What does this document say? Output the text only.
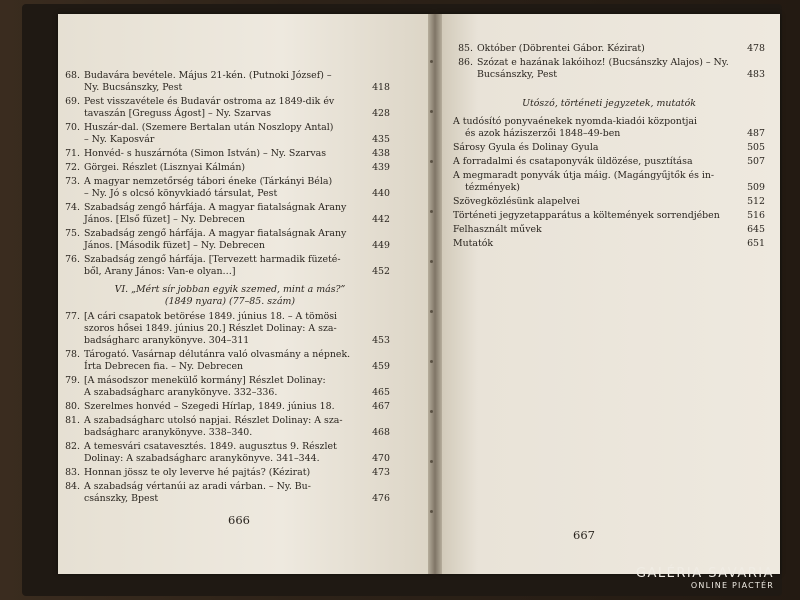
68. Budavára bevétele. Május 21-kén. (Putnoki József) –
Ny. Bucsánszky, Pest	418
69. Pest visszavétele és Budavár ostroma az 1849-dik év
tavaszán [Greguss Ágost] – Ny. Szarvas	428
70. Huszár-dal. (Szemere Bertalan után Noszlopy Antal)
– Ny. Kaposvár	435
71. Honvéd- s huszárnóta (Simon István) – Ny. Szarvas	438
72. Görgei. Részlet (Lisznyai Kálmán)	439
73. A magyar nemzetőrség tábori éneke (Tárkányi Béla)
– Ny. Jó s olcsó könyvkiadó társulat, Pest	440
74. Szabadság zengő hárfája. A magyar fiatalságnak Arany
János. [Első füzet] – Ny. Debrecen	442
75. Szabadság zengő hárfája. A magyar fiatalságnak Arany
János. [Második füzet] – Ny. Debrecen	449
76. Szabadság zengő hárfája. [Tervezett harmadik füzeté-
ből, Arany János: Van-e olyan…]	452
VI. „Mért sír jobban egyik szemed, mint a más?”
(1849 nyara) (77–85. szám)
77. [A cári csapatok betörése 1849. június 18. – A tömösi
szoros hősei 1849. június 20.] Részlet Dolinay: A sza-
badságharc aranykönyve. 304–311	453
78. Tárogató. Vasárnap délutánra való olvasmány a népnek.
Írta Debrecen fia. – Ny. Debrecen	459
79. [A másodszor menekülő kormány] Részlet Dolinay:
A szabadságharc aranykönyve. 332–336.	465
80. Szerelmes honvéd – Szegedi Hírlap, 1849. június 18.	467
81. A szabadságharc utolsó napjai. Részlet Dolinay: A sza-
badságharc aranykönyve. 338–340.	468
82. A temesvári csatavesztés. 1849. augusztus 9. Részlet
Dolinay: A szabadságharc aranykönyve. 341–344.	470
83. Honnan jössz te oly leverve hé pajtás? (Kézirat)	473
84. A szabadság vértanúi az aradi várban. – Ny. Bu-
csánszky, Bpest	476
666
85. Október (Döbrentei Gábor. Kézirat)	478
86. Szózat e hazának lakóihoz! (Bucsánszky Alajos) – Ny.
Bucsánszky, Pest	483
Utószó, történeti jegyzetek, mutatók
A tudósító ponyvaénekek nyomda-kiadói központjai
és azok háziszerzői 1848–49-ben	487
Sárosy Gyula és Dolinay Gyula	505
A forradalmi és csataponyvák üldözése, pusztítása	507
A megmaradt ponyvák útja máig. (Magángyűjtők és in-
tézmények)	509
Szövegközlésünk alapelvei	512
Történeti jegyzetapparátus a költemények sorrendjében	516
Felhasznált művek	645
Mutatók	651
667
GALÉRIA SAVARIA
ONLINE PIACTÉR
